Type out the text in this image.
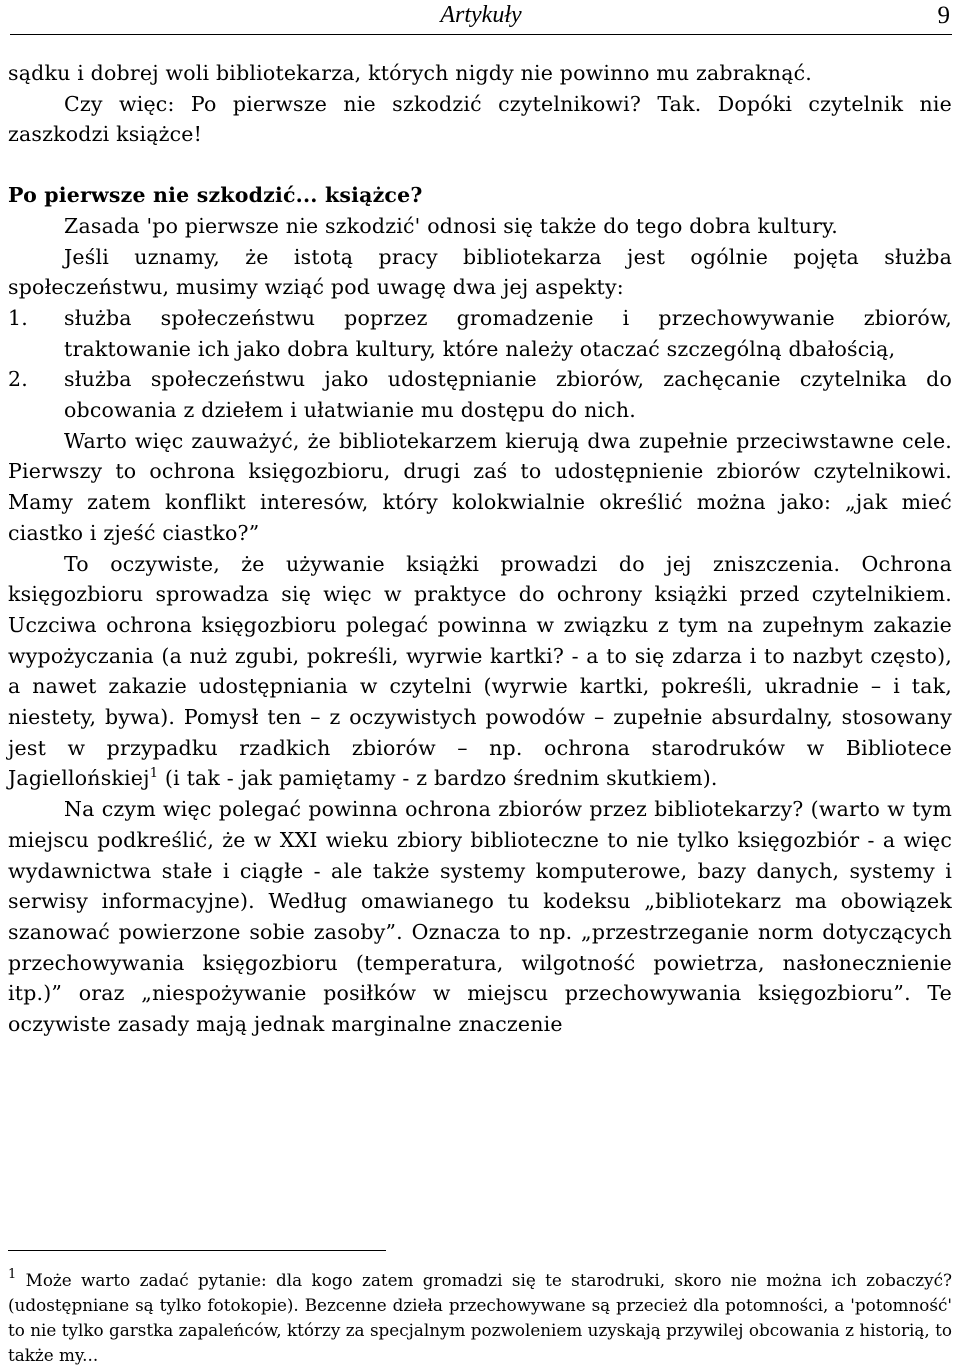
Artykuły	9

sądku i dobrej woli bibliotekarza, których nigdy nie powinno mu zabraknąć.

Czy więc: Po pierwsze nie szkodzić czytelnikowi? Tak. Dopóki czytelnik nie zaszkodzi książce!

Po pierwsze nie szkodzić... książce?

Zasada 'po pierwsze nie szkodzić' odnosi się także do tego dobra kultury.

Jeśli uznamy, że istotą pracy bibliotekarza jest ogólnie pojęta służba społeczeństwu, musimy wziąć pod uwagę dwa jej aspekty:

1. służba społeczeństwu poprzez gromadzenie i przechowywanie zbiorów, traktowanie ich jako dobra kultury, które należy otaczać szczególną dbałością,

2. służba społeczeństwu jako udostępnianie zbiorów, zachęcanie czytelnika do obcowania z dziełem i ułatwianie mu dostępu do nich.

Warto więc zauważyć, że bibliotekarzem kierują dwa zupełnie przeciwstawne cele. Pierwszy to ochrona księgozbioru, drugi zaś to udostępnienie zbiorów czytelnikowi. Mamy zatem konflikt interesów, który kolokwialnie określić można jako: „jak mieć ciastko i zjeść ciastko?”

To oczywiste, że używanie książki prowadzi do jej zniszczenia. Ochrona księgozbioru sprowadza się więc w praktyce do ochrony książki przed czytelnikiem. Uczciwa ochrona księgozbioru polegać powinna w związku z tym na zupełnym zakazie wypożyczania (a nuż zgubi, pokreśli, wyrwie kartki? - a to się zdarza i to nazbyt często), a nawet zakazie udostępniania w czytelni (wyrwie kartki, pokreśli, ukradnie – i tak, niestety, bywa). Pomysł ten – z oczywistych powodów – zupełnie absurdalny, stosowany jest w przypadku rzadkich zbiorów – np. ochrona starodruków w Bibliotece Jagiellońskiej$^1$ (i tak - jak pamiętamy - z bardzo średnim skutkiem).

Na czym więc polegać powinna ochrona zbiorów przez bibliotekarzy? (warto w tym miejscu podkreślić, że w XXI wieku zbiory biblioteczne to nie tylko księgozbiór - a więc wydawnictwa stałe i ciągłe - ale także systemy komputerowe, bazy danych, systemy i serwisy informacyjne). Według omawianego tu kodeksu „bibliotekarz ma obowiązek szanować powierzone sobie zasoby”. Oznacza to np. „przestrzeganie norm dotyczących przechowywania księgozbioru (temperatura, wilgotność powietrza, nasłonecznienie itp.)” oraz „niespożywanie posiłków w miejscu przechowywania księgozbioru”. Te oczywiste zasady mają jednak marginalne znaczenie

$^1$ Może warto zadać pytanie: dla kogo zatem gromadzi się te starodruki, skoro nie można ich zobaczyć? (udostępniane są tylko fotokopie). Bezcenne dzieła przechowywane są przecież dla potomności, a 'potomność' to nie tylko garstka zapaleńców, którzy za specjalnym pozwoleniem uzyskają przywilej obcowania z historią, to także my...
